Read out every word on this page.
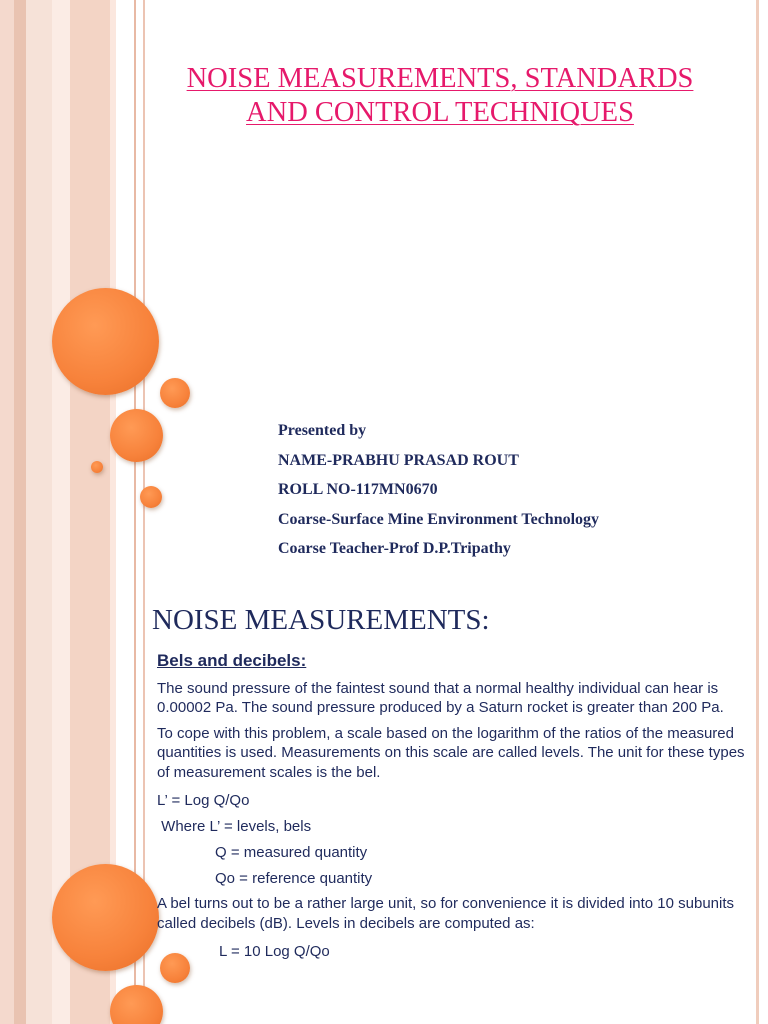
NOISE MEASUREMENTS, STANDARDS
AND CONTROL TECHNIQUES
Presented by
NAME-PRABHU PRASAD ROUT
ROLL NO-117MN0670
Coarse-Surface Mine Environment Technology
Coarse Teacher-Prof D.P.Tripathy
NOISE MEASUREMENTS:
Bels and decibels:

The sound pressure of the faintest sound that a normal healthy individual can hear is 0.00002 Pa. The sound pressure produced by a Saturn rocket is greater than 200 Pa.

To cope with this problem, a scale based on the logarithm of the ratios of the measured quantities is used. Measurements on this scale are called levels. The unit for these types of measurement scales is the bel.

L’ = Log Q/Qo
Where L’ = levels, bels
Q = measured quantity
Qo = reference quantity

A bel turns out to be a rather large unit, so for convenience it is divided into 10 subunits called decibels (dB). Levels in decibels are computed as:

L = 10 Log Q/Qo
